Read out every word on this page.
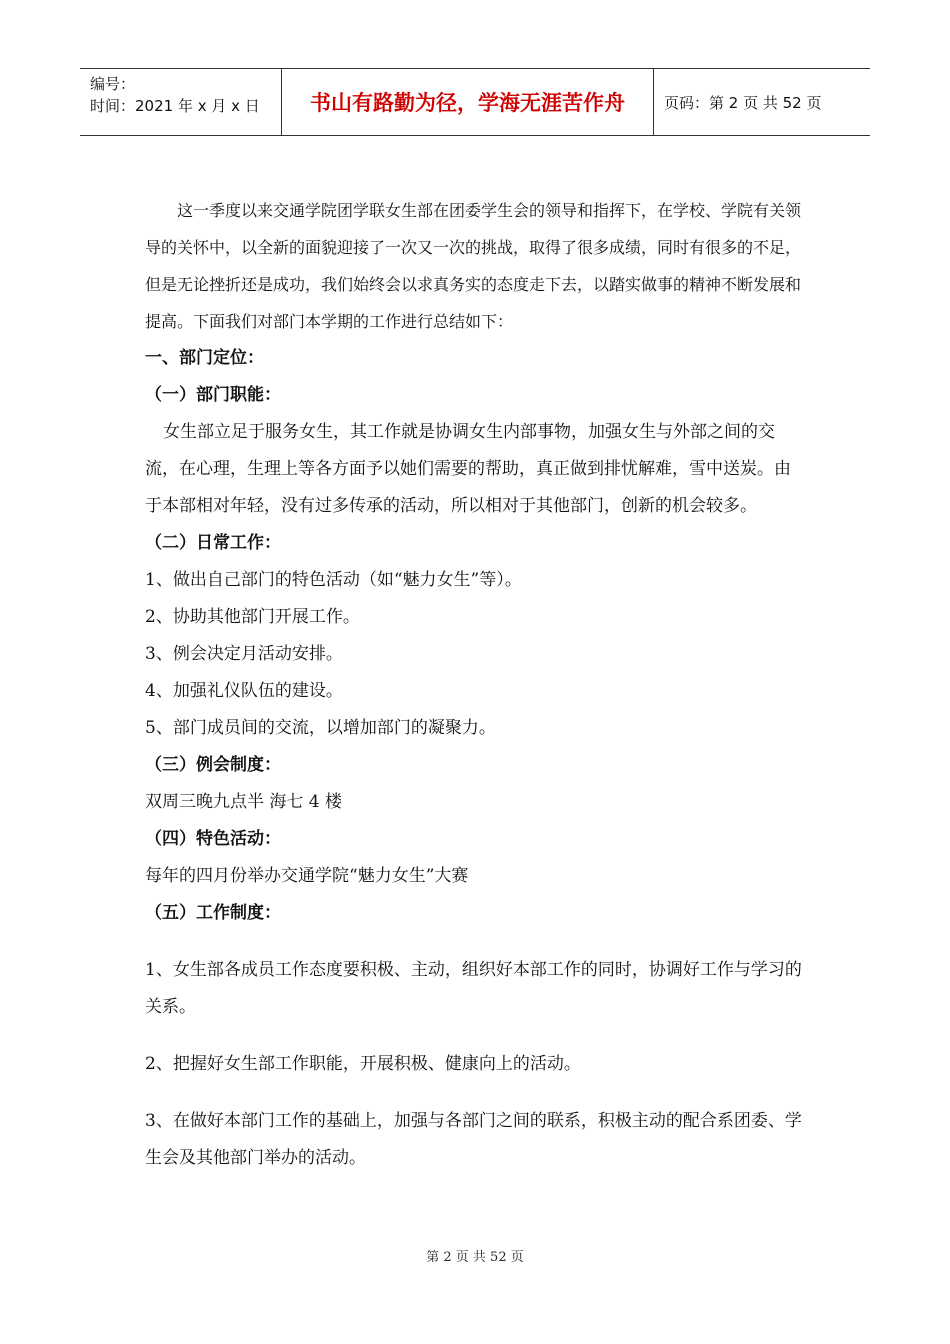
编号：
时间：2021 年 x 月 x 日	书山有路勤为径，学海无涯苦作舟	页码：第 2 页 共 52 页

这一季度以来交通学院团学联女生部在团委学生会的领导和指挥下，在学校、学院有关领导的关怀中，以全新的面貌迎接了一次又一次的挑战，取得了很多成绩，同时有很多的不足，但是无论挫折还是成功，我们始终会以求真务实的态度走下去，以踏实做事的精神不断发展和提高。下面我们对部门本学期的工作进行总结如下：

一、部门定位：

（一）部门职能：

女生部立足于服务女生，其工作就是协调女生内部事物，加强女生与外部之间的交流，在心理，生理上等各方面予以她们需要的帮助，真正做到排忧解难，雪中送炭。由于本部相对年轻，没有过多传承的活动，所以相对于其他部门，创新的机会较多。

（二）日常工作：

1、做出自己部门的特色活动（如“魅力女生”等）。

2、协助其他部门开展工作。

3、例会决定月活动安排。

4、加强礼仪队伍的建设。

5、部门成员间的交流，以增加部门的凝聚力。

（三）例会制度：

双周三晚九点半 海七 4 楼

（四）特色活动：

每年的四月份举办交通学院“魅力女生”大赛

（五）工作制度：

1、女生部各成员工作态度要积极、主动，组织好本部工作的同时，协调好工作与学习的关系。

2、把握好女生部工作职能，开展积极、健康向上的活动。

3、在做好本部门工作的基础上，加强与各部门之间的联系，积极主动的配合系团委、学生会及其他部门举办的活动。

第 2 页 共 52 页
